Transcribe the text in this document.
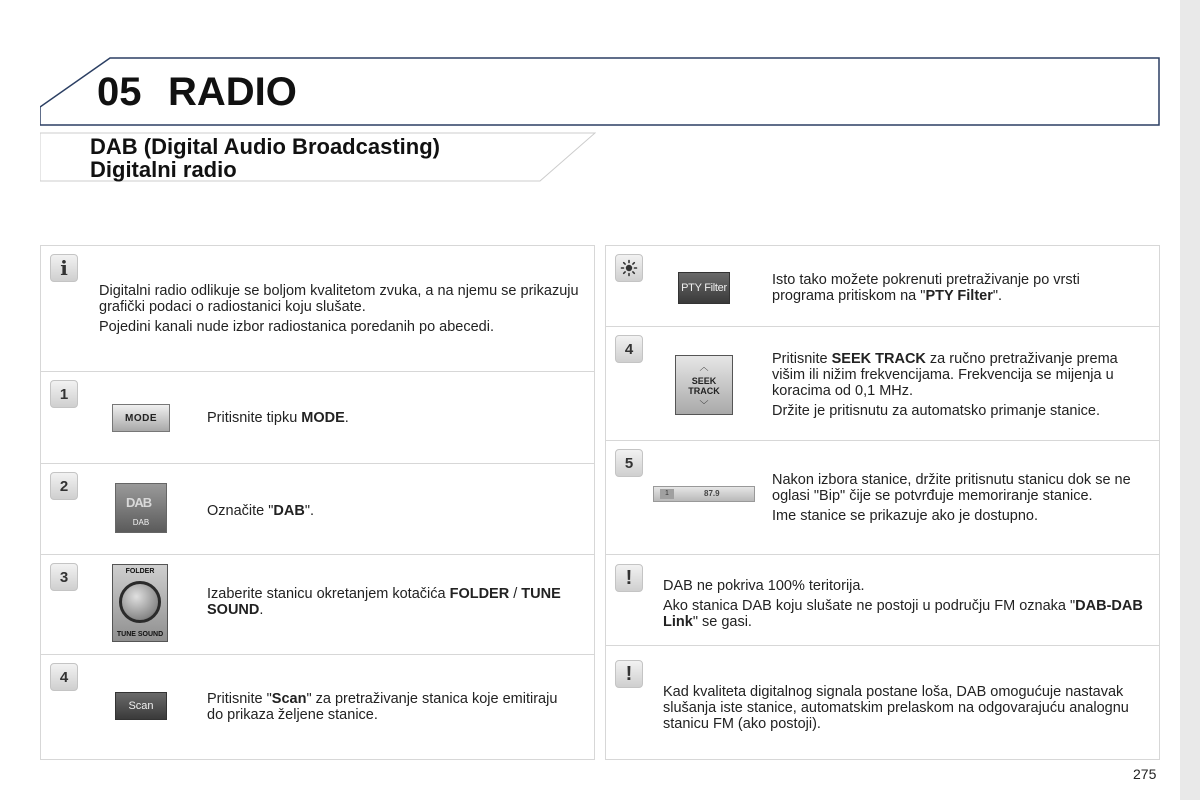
05 RADIO
DAB (Digital Audio Broadcasting)
Digitalni radio
i

Digitalni radio odlikuje se boljom kvalitetom zvuka, a na njemu se prikazuju grafički podaci o radiostanici koju slušate.

Pojedini kanali nude izbor radiostanica poredanih po abecedi.

1
MODE	Pritisnite tipku MODE.
2
DAB
DAB
Označite "DAB".
3	FOLDER
TUNE SOUND
Izaberite stanicu okretanjem kotačića FOLDER / TUNE SOUND.
4
Scan	Pritisnite "Scan" za pretraživanje stanica koje emitiraju do prikaza željene stanice.
PTY Filter	Isto tako možete pokrenuti pretraživanje po vrsti programa pritiskom na "PTY Filter".
4
︿
SEEK
TRACK
﹀

Pritisnite SEEK TRACK za ručno pretraživanje prema višim ili nižim frekvencijama. Frekvencija se mijenja u koracima od 0,1 MHz.

Držite je pritisnutu za automatsko primanje stanice.

5
1	87.9

Nakon izbora stanice, držite pritisnutu stanicu dok se ne oglasi "Bip" čije se potvrđuje memoriranje stanice.

Ime stanice se prikazuje ako je dostupno.

!	DAB ne pokriva 100% teritorija.

Ako stanica DAB koju slušate ne postoji u području FM oznaka "DAB-DAB Link" se gasi.

!

Kad kvaliteta digitalnog signala postane loša, DAB omogućuje nastavak slušanja iste stanice, automatskim prelaskom na odgovarajuću analognu stanicu FM (ako postoji).

275
